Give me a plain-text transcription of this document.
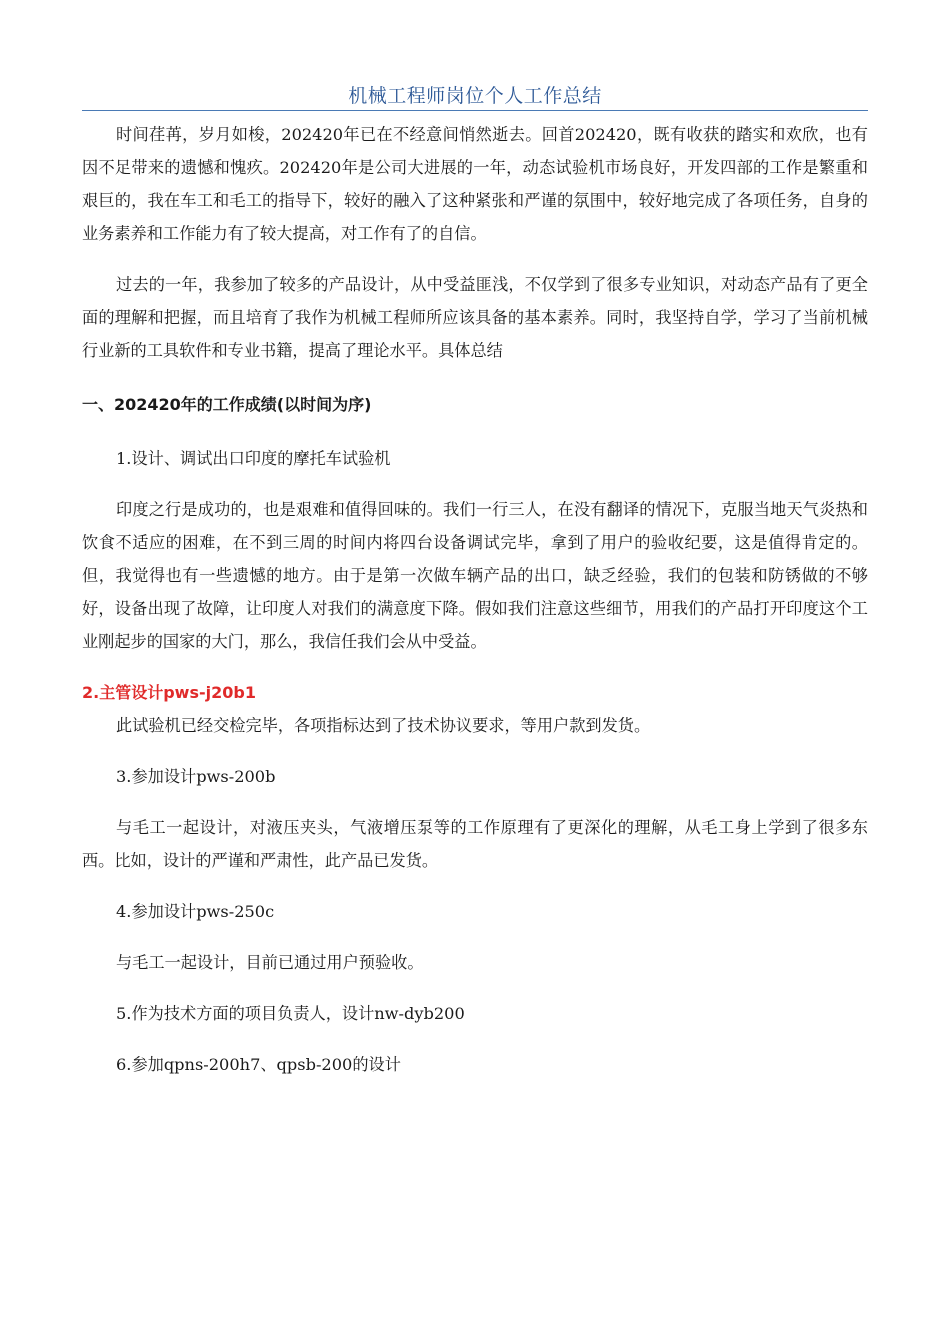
机械工程师岗位个人工作总结

时间荏苒，岁月如梭，202420年已在不经意间悄然逝去。回首202420，既有收获的踏实和欢欣，也有因不足带来的遗憾和愧疚。202420年是公司大进展的一年，动态试验机市场良好，开发四部的工作是繁重和艰巨的，我在车工和毛工的指导下，较好的融入了这种紧张和严谨的氛围中，较好地完成了各项任务，自身的业务素养和工作能力有了较大提高，对工作有了的自信。

过去的一年，我参加了较多的产品设计，从中受益匪浅，不仅学到了很多专业知识，对动态产品有了更全面的理解和把握，而且培育了我作为机械工程师所应该具备的基本素养。同时，我坚持自学，学习了当前机械行业新的工具软件和专业书籍，提高了理论水平。具体总结

一、202420年的工作成绩(以时间为序)

1.设计、调试出口印度的摩托车试验机

印度之行是成功的，也是艰难和值得回味的。我们一行三人，在没有翻译的情况下，克服当地天气炎热和饮食不适应的困难，在不到三周的时间内将四台设备调试完毕，拿到了用户的验收纪要，这是值得肯定的。但，我觉得也有一些遗憾的地方。由于是第一次做车辆产品的出口，缺乏经验，我们的包装和防锈做的不够好，设备出现了故障，让印度人对我们的满意度下降。假如我们注意这些细节，用我们的产品打开印度这个工业刚起步的国家的大门，那么，我信任我们会从中受益。

2.主管设计pws-j20b1

此试验机已经交检完毕，各项指标达到了技术协议要求，等用户款到发货。

3.参加设计pws-200b

与毛工一起设计，对液压夹头，气液增压泵等的工作原理有了更深化的理解，从毛工身上学到了很多东西。比如，设计的严谨和严肃性，此产品已发货。

4.参加设计pws-250c

与毛工一起设计，目前已通过用户预验收。

5.作为技术方面的项目负责人，设计nw-dyb200

6.参加qpns-200h7、qpsb-200的设计
